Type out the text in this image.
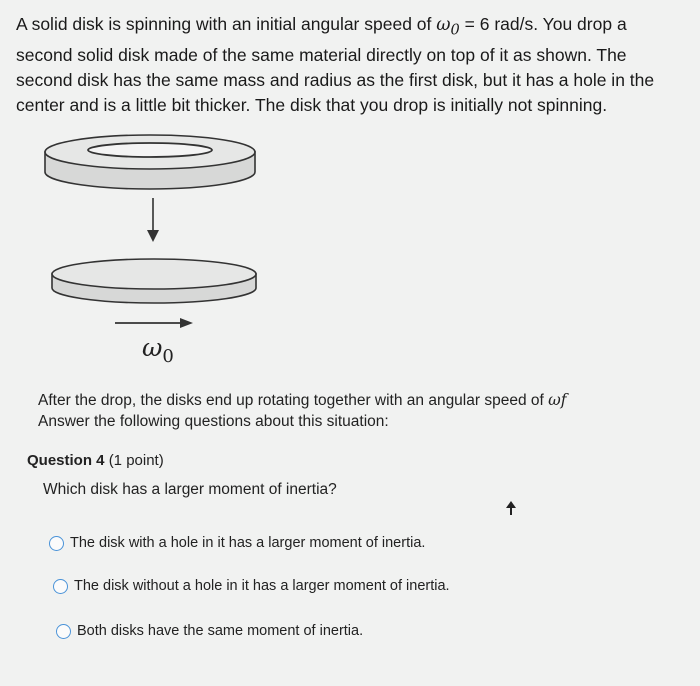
A solid disk is spinning with an initial angular speed of $\omega_0 = 6$ rad/s. You drop a second solid disk made of the same material directly on top of it as shown. The second disk has the same mass and radius as the first disk, but it has a hole in the center and is a little bit thicker. The disk that you drop is initially not spinning.
$\omega_0$
After the drop, the disks end up rotating together with an angular speed of ωf
Answer the following questions about this situation:
Question 4 (1 point)
Which disk has a larger moment of inertia?
The disk with a hole in it has a larger moment of inertia.
The disk without a hole in it has a larger moment of inertia.
Both disks have the same moment of inertia.
